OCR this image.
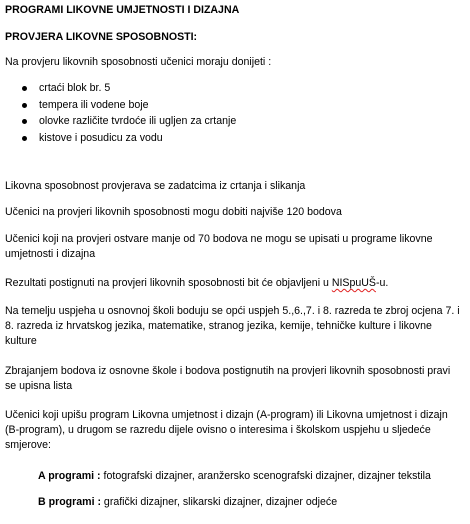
PROGRAMI LIKOVNE UMJETNOSTI I DIZAJNA
PROVJERA LIKOVNE SPOSOBNOSTI:
Na provjeru likovnih sposobnosti učenici moraju donijeti :
crtaći blok br. 5
tempera ili vodene boje
olovke različite tvrdoće ili ugljen za crtanje
kistove i posudicu za vodu
Likovna sposobnost provjerava se zadatcima iz crtanja i slikanja
Učenici na provjeri likovnih sposobnosti mogu dobiti najviše 120 bodova
Učenici koji na provjeri ostvare manje od 70 bodova ne mogu se upisati u programe likovne umjetnosti i dizajna
Rezultati postignuti na provjeri likovnih sposobnosti bit će objavljeni u NISpuUŠ-u.
Na temelju uspjeha u osnovnoj školi boduju se opći uspjeh 5.,6.,7. i 8. razreda te zbroj ocjena 7. i 8. razreda iz hrvatskog jezika, matematike, stranog jezika, kemije, tehničke kulture i likovne kulture
Zbrajanjem bodova iz osnovne škole i bodova postignutih na provjeri likovnih sposobnosti pravi se upisna lista
Učenici koji upišu program Likovna umjetnost i dizajn (A-program) ili Likovna umjetnost i dizajn (B-program), u drugom se razredu dijele ovisno o interesima i školskom uspjehu u sljedeće smjerove:
A programi : fotografski dizajner, aranžersko scenografski dizajner, dizajner tekstila
B programi : grafički dizajner, slikarski dizajner, dizajner odjeće
